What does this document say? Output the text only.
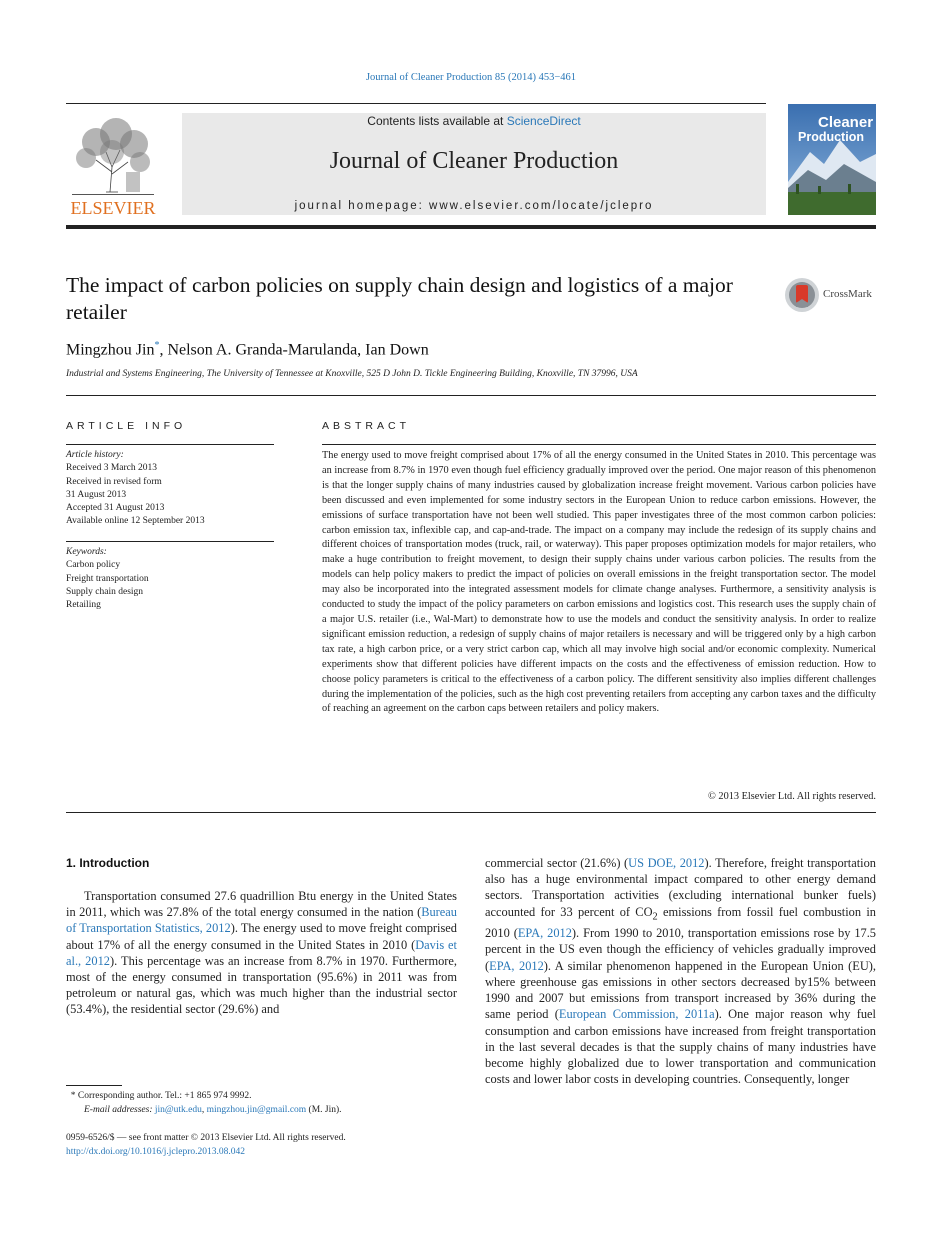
Journal of Cleaner Production 85 (2014) 453−461
ELSEVIER
Contents lists available at ScienceDirect
Journal of Cleaner Production
journal homepage: www.elsevier.com/locate/jclepro
Cleaner
Production
The impact of carbon policies on supply chain design and logistics of a major retailer
CrossMark
Mingzhou Jin*, Nelson A. Granda-Marulanda, Ian Down
Industrial and Systems Engineering, The University of Tennessee at Knoxville, 525 D John D. Tickle Engineering Building, Knoxville, TN 37996, USA
ARTICLE INFO
Article history:
Received 3 March 2013
Received in revised form
31 August 2013
Accepted 31 August 2013
Available online 12 September 2013
Keywords:
Carbon policy
Freight transportation
Supply chain design
Retailing
ABSTRACT
The energy used to move freight comprised about 17% of all the energy consumed in the United States in 2010. This percentage was an increase from 8.7% in 1970 even though fuel efficiency gradually improved over the period. One major reason of this phenomenon is that the longer supply chains of many industries caused by globalization increase freight movement. Various carbon policies have been discussed and even implemented for some industry sectors in the European Union to reduce carbon emissions. However, the emissions of surface transportation have not been well studied. This paper investigates three of the most common carbon policies: carbon emission tax, inflexible cap, and cap-and-trade. The impact on a company may include the redesign of its supply chains and different choices of transportation modes (truck, rail, or waterway). This paper proposes optimization models for major retailers, who make a huge contribution to freight movement, to design their supply chains under various carbon policies. The results from the models can help policy makers to predict the impact of policies on overall emissions in the freight transportation sector. The model may also be incorporated into the integrated assessment models for climate change analyses. Furthermore, a sensitivity analysis is conducted to study the impact of the policy parameters on carbon emissions and logistics cost. This research uses the supply chain of a major U.S. retailer (i.e., Wal-Mart) to demonstrate how to use the models and conduct the sensitivity analysis. In order to realize significant emission reduction, a redesign of supply chains of major retailers is necessary and will be triggered only by a high carbon tax rate, a high carbon price, or a very strict carbon cap, which all may involve high social and/or economic complexity. Numerical experiments show that different policies have different impacts on the costs and the effectiveness of emission reduction. How to choose policy parameters is critical to the effectiveness of a carbon policy. The different sensitivity also implies different challenges during the implementation of the policies, such as the high cost preventing retailers from accepting any carbon taxes and the difficulty of reaching an agreement on the carbon caps between retailers and policy makers.
© 2013 Elsevier Ltd. All rights reserved.
1. Introduction
Transportation consumed 27.6 quadrillion Btu energy in the United States in 2011, which was 27.8% of the total energy consumed in the nation (Bureau of Transportation Statistics, 2012). The energy used to move freight comprised about 17% of all the energy consumed in the United States in 2010 (Davis et al., 2012). This percentage was an increase from 8.7% in 1970. Furthermore, most of the energy consumed in transportation (95.6%) in 2011 was from petroleum or natural gas, which was much higher than the industrial sector (53.4%), the residential sector (29.6%) and
commercial sector (21.6%) (US DOE, 2012). Therefore, freight transportation also has a huge environmental impact compared to other energy demand sectors. Transportation activities (excluding international bunker fuels) accounted for 33 percent of $CO_2$ emissions from fossil fuel combustion in 2010 (EPA, 2012). From 1990 to 2010, transportation emissions rose by 17.5 percent in the US even though the efficiency of vehicles gradually improved (EPA, 2012). A similar phenomenon happened in the European Union (EU), where greenhouse gas emissions in other sectors decreased by15% between 1990 and 2007 but emissions from transport increased by 36% during the same period (European Commission, 2011a). One major reason why fuel consumption and carbon emissions have increased from freight transportation in the last several decades is that the supply chains of many industries have become highly globalized due to lower transportation and communication costs and lower labor costs in developing countries. Consequently, longer
* Corresponding author. Tel.: +1 865 974 9992.
E-mail addresses: jin@utk.edu, mingzhou.jin@gmail.com (M. Jin).
0959-6526/$ — see front matter © 2013 Elsevier Ltd. All rights reserved.
http://dx.doi.org/10.1016/j.jclepro.2013.08.042
